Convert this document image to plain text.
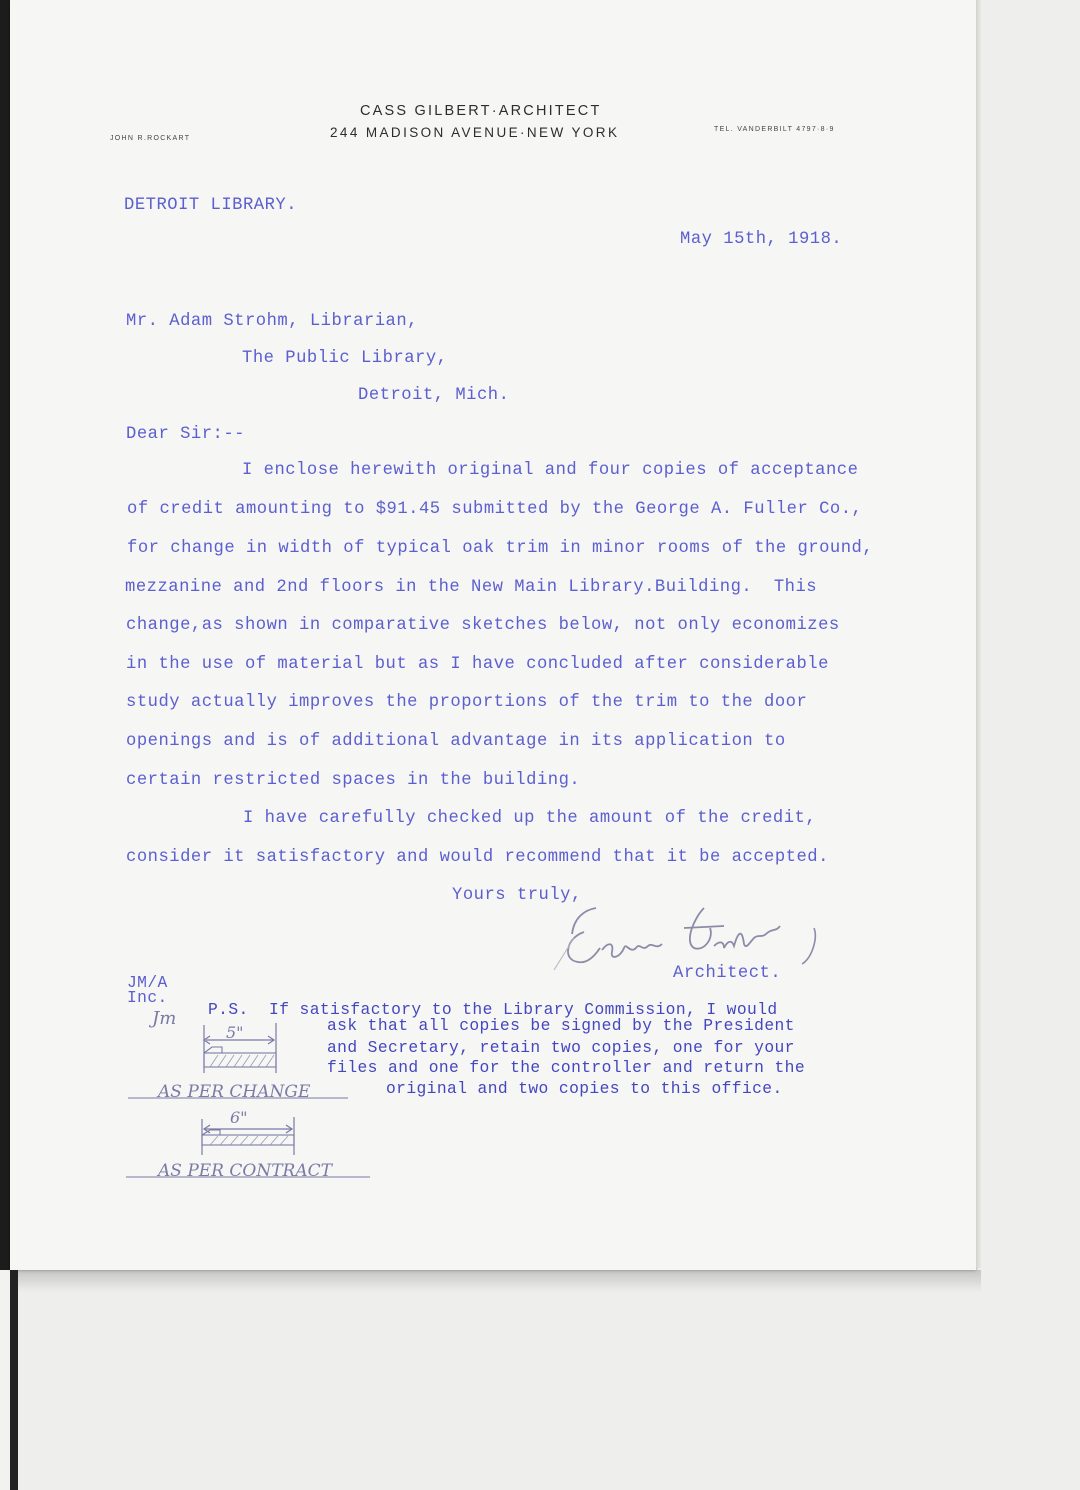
CASS GILBERT·ARCHITECT
244 MADISON AVENUE·NEW YORK
JOHN R.ROCKART
TEL. VANDERBILT 4797·8·9
DETROIT LIBRARY.
May 15th, 1918.
Mr. Adam Strohm, Librarian,
The Public Library,
Detroit, Mich.
Dear Sir:--
I enclose herewith original and four copies of acceptance
of credit amounting to $91.45 submitted by the George A. Fuller Co.,
for change in width of typical oak trim in minor rooms of the ground,
mezzanine and 2nd floors in the New Main Library.Building.  This
change,as shown in comparative sketches below, not only economizes
in the use of material but as I have concluded after considerable
study actually improves the proportions of the trim to the door
openings and is of additional advantage in its application to
certain restricted spaces in the building.
I have carefully checked up the amount of the credit,
consider it satisfactory and would recommend that it be accepted.
Yours truly,
Architect.
JM/A
Inc.
P.S.  If satisfactory to the Library Commission, I would
ask that all copies be signed by the President
and Secretary, retain two copies, one for your
files and one for the controller and return the
original and two copies to this office.
Jm
5"
AS PER CHANGE
6"
AS PER CONTRACT
